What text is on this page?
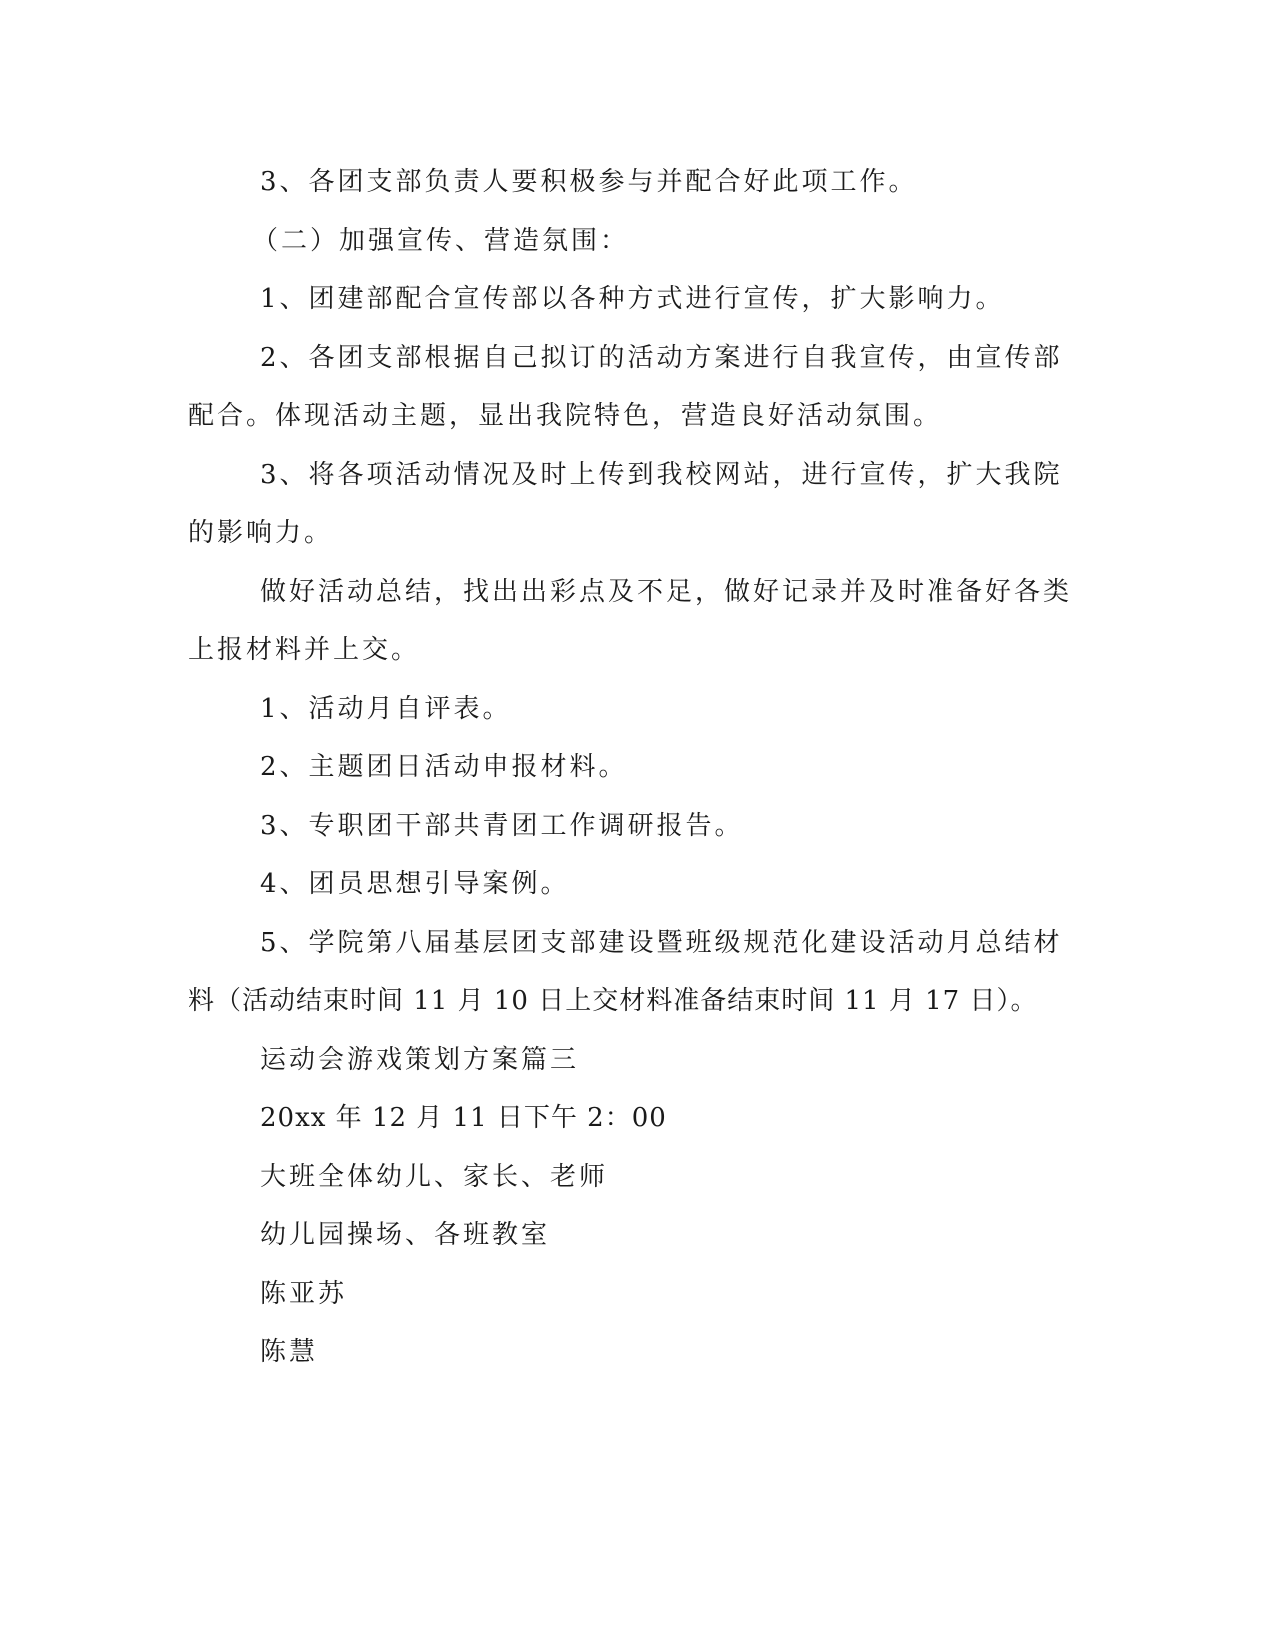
3、各团支部负责人要积极参与并配合好此项工作。
（二）加强宣传、营造氛围：
1、团建部配合宣传部以各种方式进行宣传，扩大影响力。
2、各团支部根据自己拟订的活动方案进行自我宣传，由宣传部
配合。体现活动主题，显出我院特色，营造良好活动氛围。
3、将各项活动情况及时上传到我校网站，进行宣传，扩大我院
的影响力。
做好活动总结，找出出彩点及不足，做好记录并及时准备好各类
上报材料并上交。
1、活动月自评表。
2、主题团日活动申报材料。
3、专职团干部共青团工作调研报告。
4、团员思想引导案例。
5、学院第八届基层团支部建设暨班级规范化建设活动月总结材
料（活动结束时间 11 月 10 日上交材料准备结束时间 11 月 17 日）。
运动会游戏策划方案篇三
20xx 年 12 月 11 日下午 2：00
大班全体幼儿、家长、老师
幼儿园操场、各班教室
陈亚苏
陈慧
